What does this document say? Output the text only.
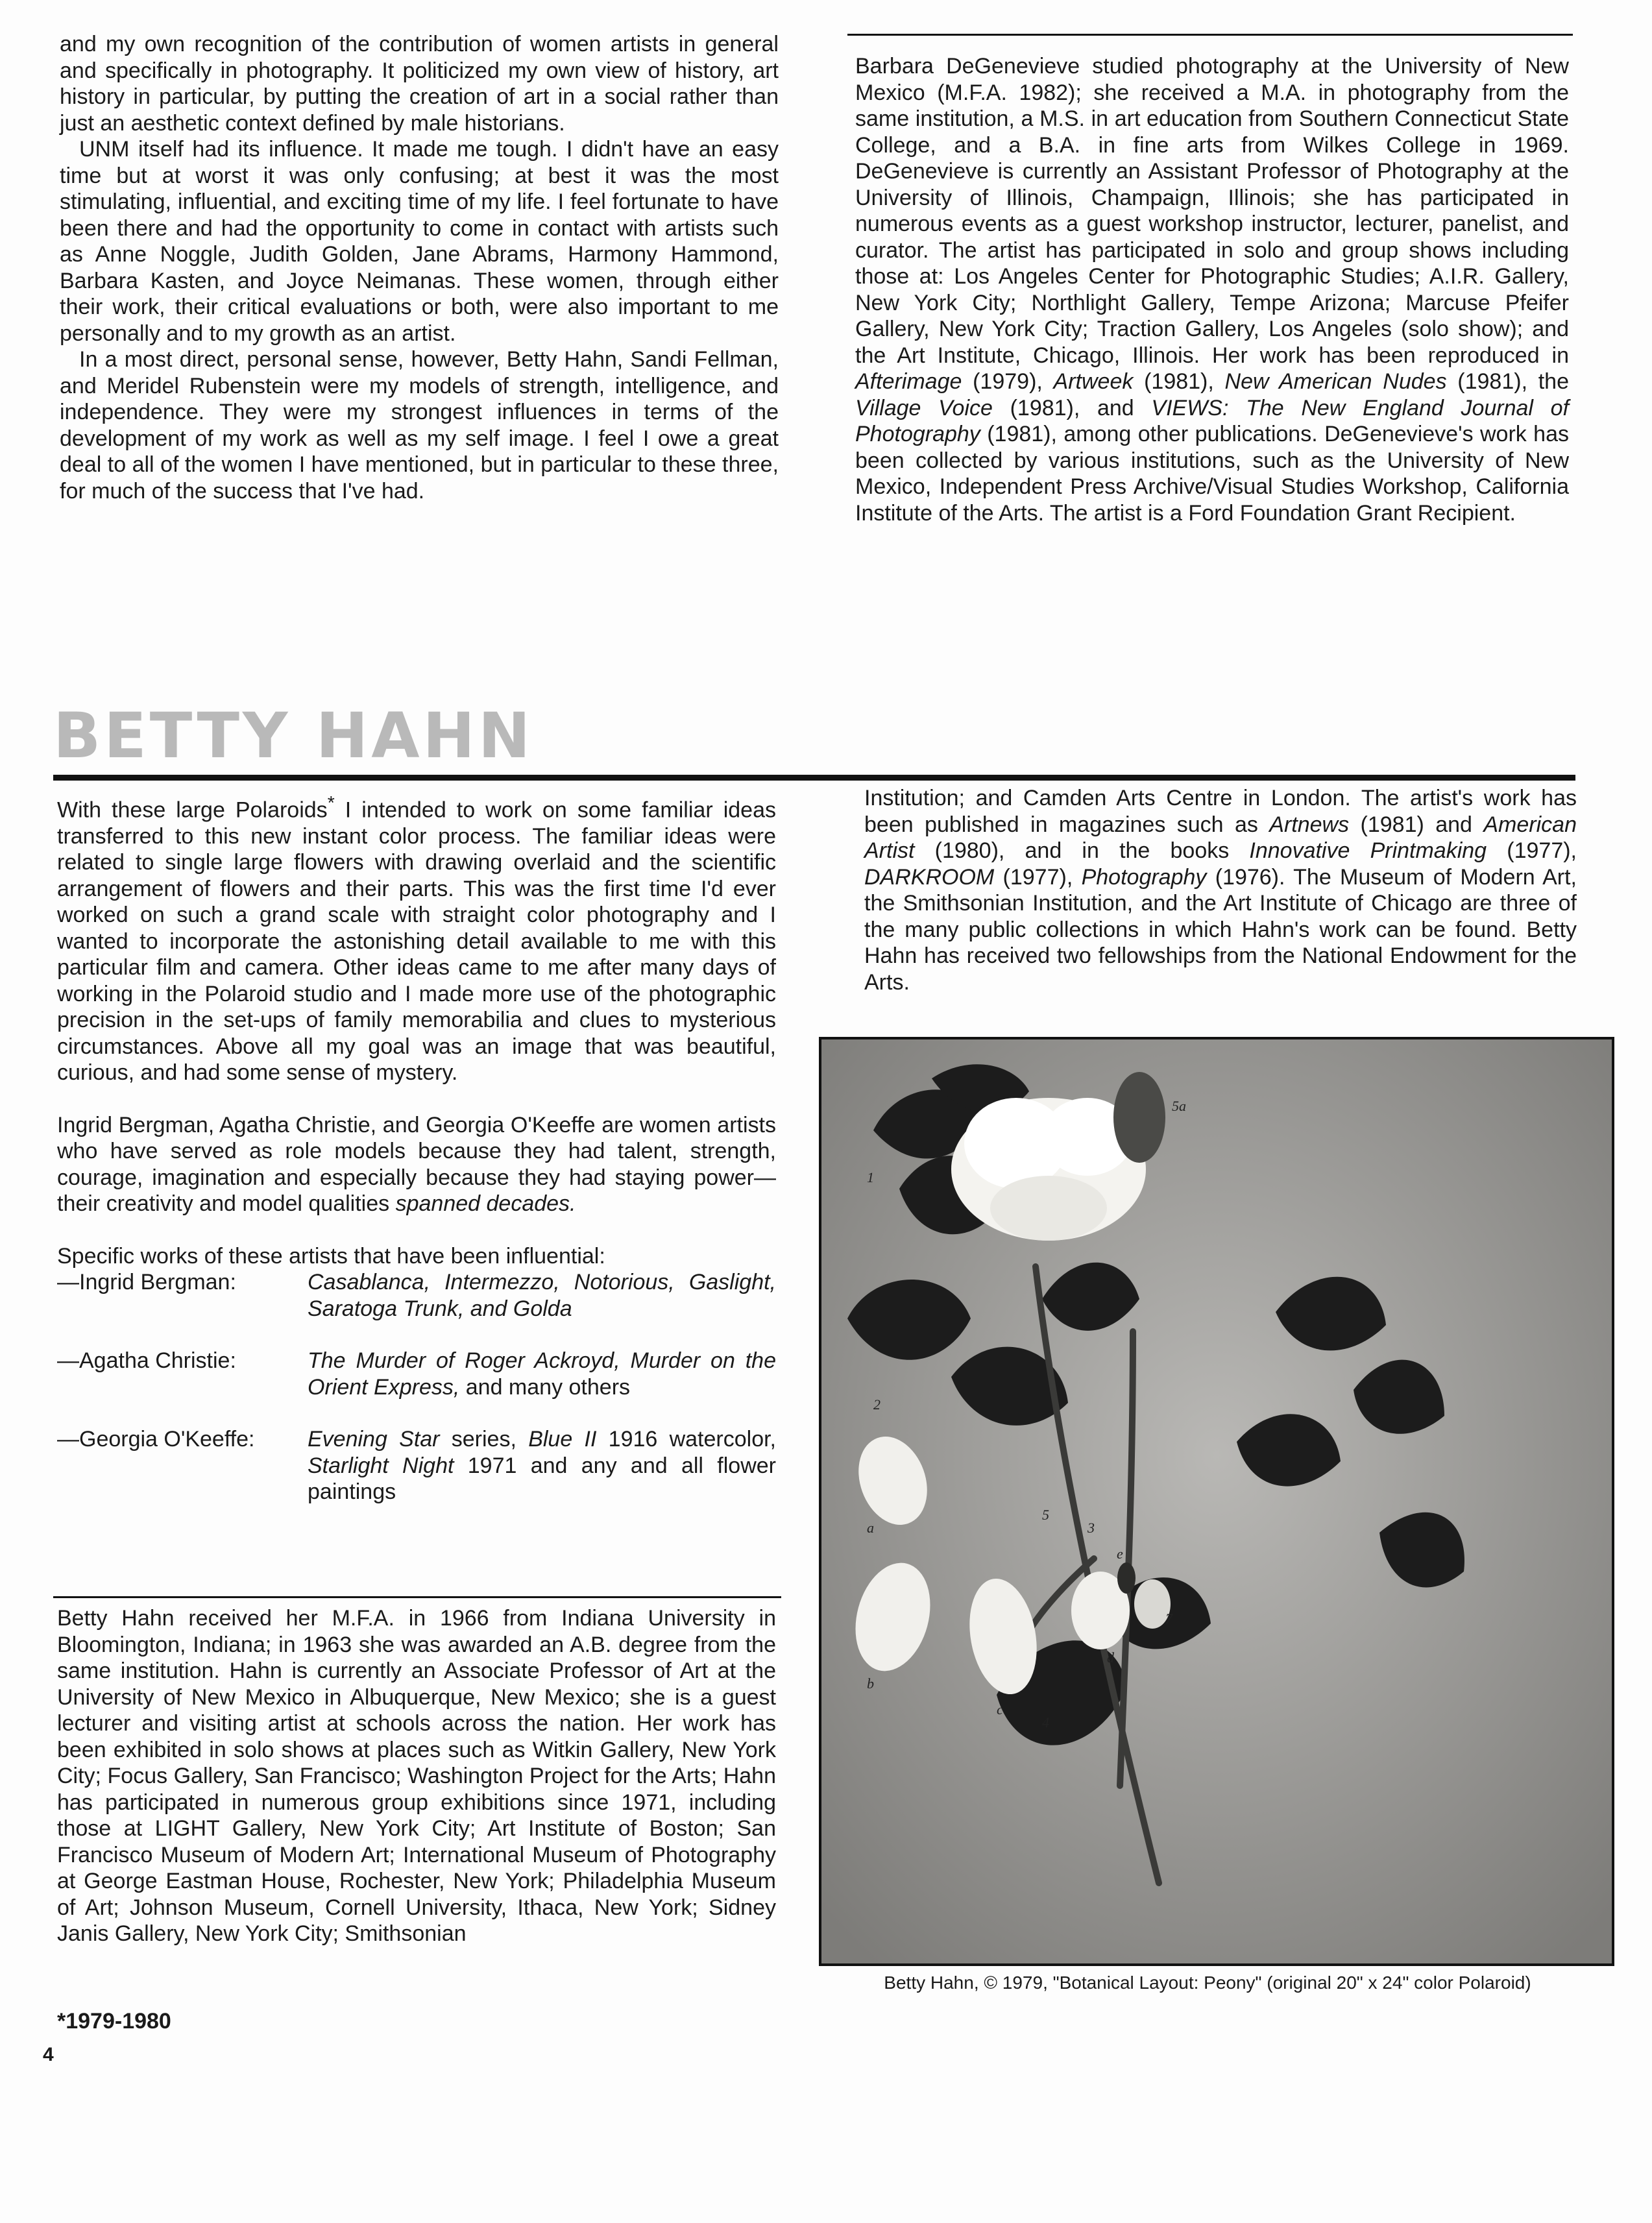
and my own recognition of the contribution of women artists in general and specifically in photography. It politicized my own view of history, art history in particular, by putting the creation of art in a social rather than just an aesthetic context defined by male historians.

UNM itself had its influence. It made me tough. I didn't have an easy time but at worst it was only confusing; at best it was the most stimulating, influential, and exciting time of my life. I feel fortunate to have been there and had the opportunity to come in contact with artists such as Anne Noggle, Judith Golden, Jane Abrams, Harmony Hammond, Barbara Kasten, and Joyce Neimanas. These women, through either their work, their critical evaluations or both, were also important to me personally and to my growth as an artist.

In a most direct, personal sense, however, Betty Hahn, Sandi Fellman, and Meridel Rubenstein were my models of strength, intelligence, and independence. They were my strongest influences in terms of the development of my work as well as my self image. I feel I owe a great deal to all of the women I have mentioned, but in particular to these three, for much of the success that I've had.

Barbara DeGenevieve studied photography at the University of New Mexico (M.F.A. 1982); she received a M.A. in photography from the same institution, a M.S. in art education from Southern Connecticut State College, and a B.A. in fine arts from Wilkes College in 1969. DeGenevieve is currently an Assistant Professor of Photography at the University of Illinois, Champaign, Illinois; she has participated in numerous events as a guest workshop instructor, lecturer, panelist, and curator. The artist has participated in solo and group shows including those at: Los Angeles Center for Photographic Studies; A.I.R. Gallery, New York City; Northlight Gallery, Tempe Arizona; Marcuse Pfeifer Gallery, New York City; Traction Gallery, Los Angeles (solo show); and the Art Institute, Chicago, Illinois. Her work has been reproduced in Afterimage (1979), Artweek (1981), New American Nudes (1981), the Village Voice (1981), and VIEWS: The New England Journal of Photography (1981), among other publications. DeGenevieve's work has been collected by various institutions, such as the University of New Mexico, Independent Press Archive/Visual Studies Workshop, California Institute of the Arts. The artist is a Ford Foundation Grant Recipient.

BETTY HAHN

With these large Polaroids* I intended to work on some familiar ideas transferred to this new instant color process. The familiar ideas were related to single large flowers with drawing overlaid and the scientific arrangement of flowers and their parts. This was the first time I'd ever worked on such a grand scale with straight color photography and I wanted to incorporate the astonishing detail available to me with this particular film and camera. Other ideas came to me after many days of working in the Polaroid studio and I made more use of the photographic precision in the set-ups of family memorabilia and clues to mysterious circumstances. Above all my goal was an image that was beautiful, curious, and had some sense of mystery.

Ingrid Bergman, Agatha Christie, and Georgia O'Keeffe are women artists who have served as role models because they had talent, strength, courage, imagination and especially because they had staying power—their creativity and model qualities spanned decades.

Specific works of these artists that have been influential:

—Ingrid Bergman:	Casablanca, Intermezzo, Notorious, Gaslight, Saratoga Trunk, and Golda
—Agatha Christie:	The Murder of Roger Ackroyd, Murder on the Orient Express, and many others
—Georgia O'Keeffe:	Evening Star series, Blue II 1916 watercolor, Starlight Night 1971 and any and all flower paintings

Betty Hahn received her M.F.A. in 1966 from Indiana University in Bloomington, Indiana; in 1963 she was awarded an A.B. degree from the same institution. Hahn is currently an Associate Professor of Art at the University of New Mexico in Albuquerque, New Mexico; she is a guest lecturer and visiting artist at schools across the nation. Her work has been exhibited in solo shows at places such as Witkin Gallery, New York City; Focus Gallery, San Francisco; Washington Project for the Arts; Hahn has participated in numerous group exhibitions since 1971, including those at LIGHT Gallery, New York City; Art Institute of Boston; San Francisco Museum of Modern Art; International Museum of Photography at George Eastman House, Rochester, New York; Philadelphia Museum of Art; Johnson Museum, Cornell University, Ithaca, New York; Sidney Janis Gallery, New York City; Smithsonian

*1979-1980
4

Institution; and Camden Arts Centre in London. The artist's work has been published in magazines such as Artnews (1981) and American Artist (1980), and in the books Innovative Printmaking (1977), DARKROOM (1977), Photography (1976). The Museum of Modern Art, the Smithsonian Institution, and the Art Institute of Chicago are three of the many public collections in which Hahn's work can be found. Betty Hahn has received two fellowships from the National Endowment for the Arts.

1
5a
2
3
5
a
b
c
d
4
7
e
Betty Hahn, © 1979, "Botanical Layout: Peony" (original 20" x 24" color Polaroid)
